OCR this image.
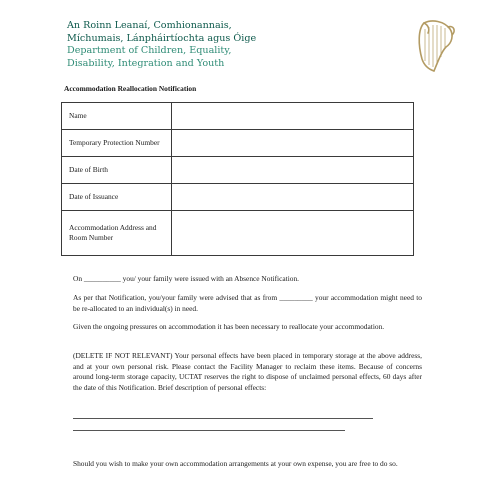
An Roinn Leanaí, Comhionannais,
Míchumais, Lánpháirtíochta agus Óige
Department of Children, Equality,
Disability, Integration and Youth
Accommodation Reallocation Notification
Name	
Temporary Protection Number	
Date of Birth	
Date of Issuance	
Accommodation Address and Room Number	
On __________ you/ your family were issued with an Absence Notification.
As per that Notification, you/your family were advised that as from _________ your accommodation might need to be re-allocated to an individual(s) in need.
Given the ongoing pressures on accommodation it has been necessary to reallocate your accommodation.
(DELETE IF NOT RELEVANT) Your personal effects have been placed in temporary storage at the above address, and at your own personal risk. Please contact the Facility Manager to reclaim these items. Because of concerns around long-term storage capacity, UCTAT reserves the right to dispose of unclaimed personal effects, 60 days after the date of this Notification. Brief description of personal effects:
Should you wish to make your own accommodation arrangements at your own expense, you are free to do so.
